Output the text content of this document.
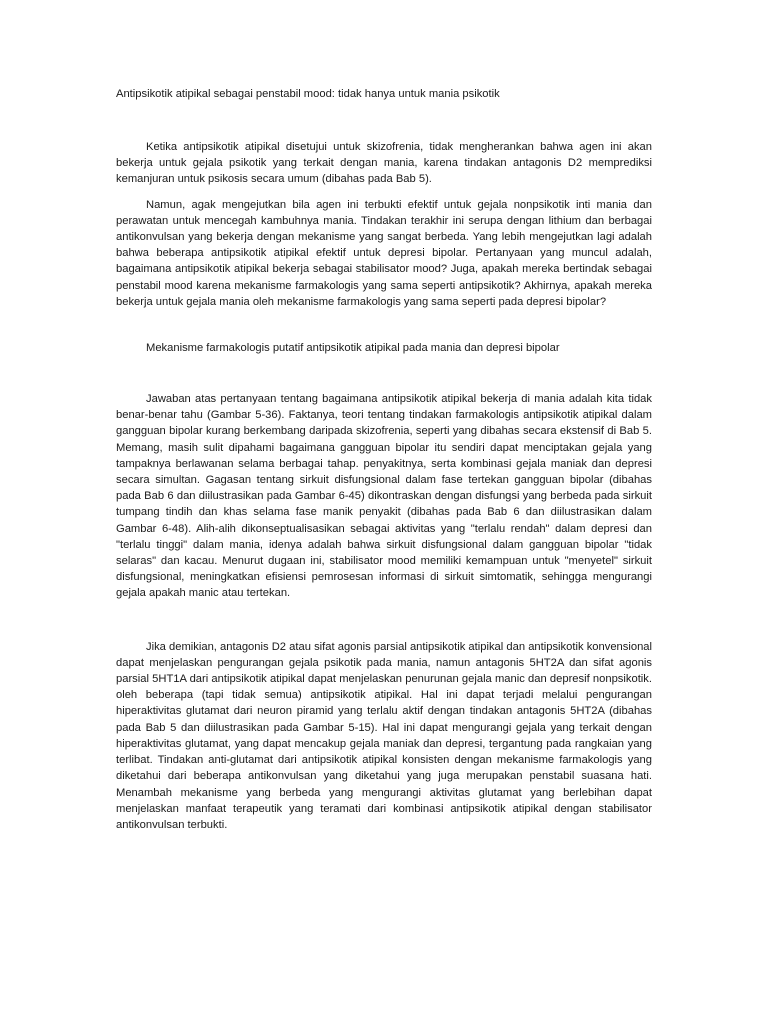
Antipsikotik atipikal sebagai penstabil mood: tidak hanya untuk mania psikotik

Ketika antipsikotik atipikal disetujui untuk skizofrenia, tidak mengherankan bahwa agen ini akan bekerja untuk gejala psikotik yang terkait dengan mania, karena tindakan antagonis D2 memprediksi kemanjuran untuk psikosis secara umum (dibahas pada Bab 5).

Namun, agak mengejutkan bila agen ini terbukti efektif untuk gejala nonpsikotik inti mania dan perawatan untuk mencegah kambuhnya mania. Tindakan terakhir ini serupa dengan lithium dan berbagai antikonvulsan yang bekerja dengan mekanisme yang sangat berbeda. Yang lebih mengejutkan lagi adalah bahwa beberapa antipsikotik atipikal efektif untuk depresi bipolar. Pertanyaan yang muncul adalah, bagaimana antipsikotik atipikal bekerja sebagai stabilisator mood? Juga, apakah mereka bertindak sebagai penstabil mood karena mekanisme farmakologis yang sama seperti antipsikotik? Akhirnya, apakah mereka bekerja untuk gejala mania oleh mekanisme farmakologis yang sama seperti pada depresi bipolar?

Mekanisme farmakologis putatif antipsikotik atipikal pada mania dan depresi bipolar

Jawaban atas pertanyaan tentang bagaimana antipsikotik atipikal bekerja di mania adalah kita tidak benar-benar tahu (Gambar 5-36). Faktanya, teori tentang tindakan farmakologis antipsikotik atipikal dalam gangguan bipolar kurang berkembang daripada skizofrenia, seperti yang dibahas secara ekstensif di Bab 5. Memang, masih sulit dipahami bagaimana gangguan bipolar itu sendiri dapat menciptakan gejala yang tampaknya berlawanan selama berbagai tahap. penyakitnya, serta kombinasi gejala maniak dan depresi secara simultan. Gagasan tentang sirkuit disfungsional dalam fase tertekan gangguan bipolar (dibahas pada Bab 6 dan diilustrasikan pada Gambar 6-45) dikontraskan dengan disfungsi yang berbeda pada sirkuit tumpang tindih dan khas selama fase manik penyakit (dibahas pada Bab 6 dan diilustrasikan dalam Gambar 6-48). Alih-alih dikonseptualisasikan sebagai aktivitas yang "terlalu rendah" dalam depresi dan "terlalu tinggi" dalam mania, idenya adalah bahwa sirkuit disfungsional dalam gangguan bipolar "tidak selaras" dan kacau. Menurut dugaan ini, stabilisator mood memiliki kemampuan untuk "menyetel" sirkuit disfungsional, meningkatkan efisiensi pemrosesan informasi di sirkuit simtomatik, sehingga mengurangi gejala apakah manic atau tertekan.

Jika demikian, antagonis D2 atau sifat agonis parsial antipsikotik atipikal dan antipsikotik konvensional dapat menjelaskan pengurangan gejala psikotik pada mania, namun antagonis 5HT2A dan sifat agonis parsial 5HT1A dari antipsikotik atipikal dapat menjelaskan penurunan gejala manic dan depresif nonpsikotik. oleh beberapa (tapi tidak semua) antipsikotik atipikal. Hal ini dapat terjadi melalui pengurangan hiperaktivitas glutamat dari neuron piramid yang terlalu aktif dengan tindakan antagonis 5HT2A (dibahas pada Bab 5 dan diilustrasikan pada Gambar 5-15). Hal ini dapat mengurangi gejala yang terkait dengan hiperaktivitas glutamat, yang dapat mencakup gejala maniak dan depresi, tergantung pada rangkaian yang terlibat. Tindakan anti-glutamat dari antipsikotik atipikal konsisten dengan mekanisme farmakologis yang diketahui dari beberapa antikonvulsan yang diketahui yang juga merupakan penstabil suasana hati. Menambah mekanisme yang berbeda yang mengurangi aktivitas glutamat yang berlebihan dapat menjelaskan manfaat terapeutik yang teramati dari kombinasi antipsikotik atipikal dengan stabilisator antikonvulsan terbukti.
